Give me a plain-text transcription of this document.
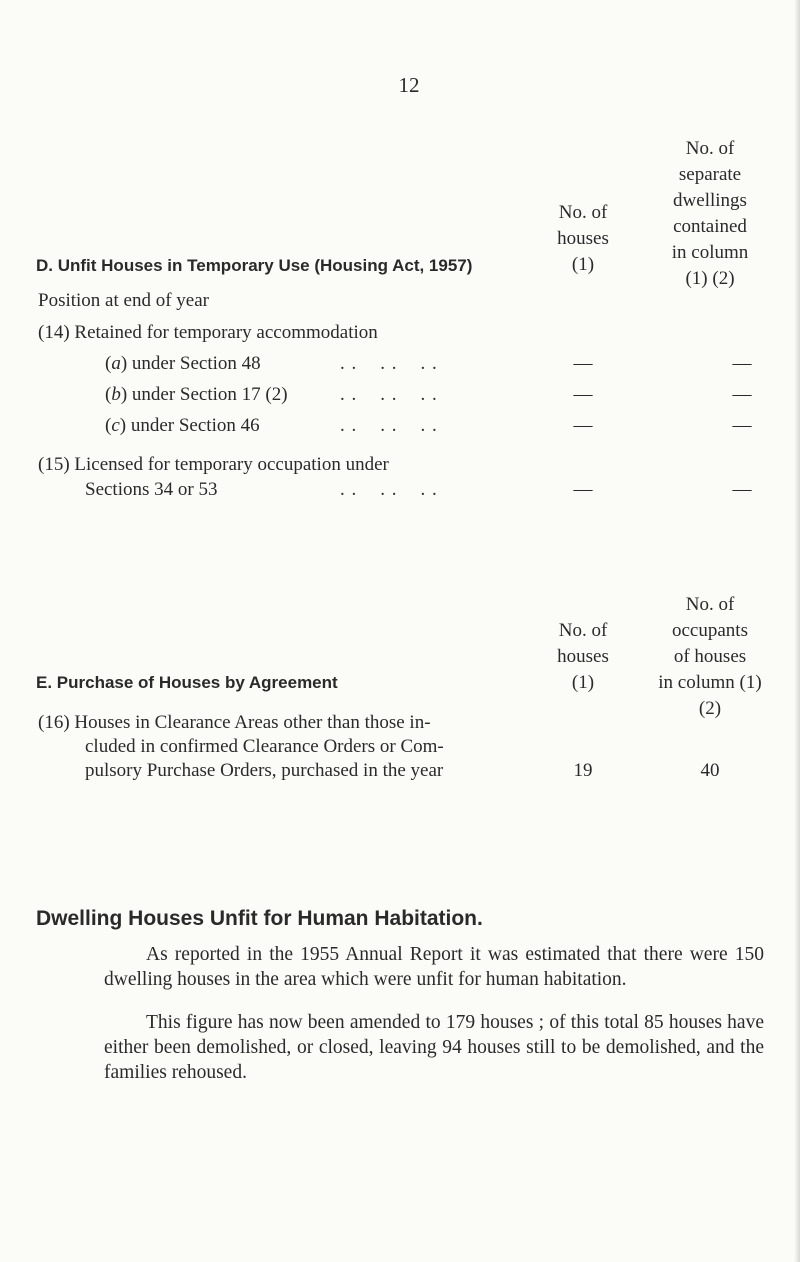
12
No. of
separate
dwellings
contained
in column
(1) (2)
No. of
houses
(1)
D. Unfit Houses in Temporary Use (Housing Act, 1957)
Position at end of year
(14) Retained for temporary accommodation
(a) under Section 48	. .    . .    . .	—	—
(b) under Section 17 (2)	. .    . .    . .	—	—
(c) under Section 46	. .    . .    . .	—	—
(15) Licensed for temporary occupation under
Sections 34 or 53	. .    . .    . .	—	—
No. of
occupants
of houses
in column (1)
(2)
No. of
houses
(1)
E. Purchase of Houses by Agreement
(16) Houses in Clearance Areas other than those in-
cluded in confirmed Clearance Orders or Com-
pulsory Purchase Orders, purchased in the year	19	40
Dwelling Houses Unfit for Human Habitation.
As reported in the 1955 Annual Report it was estimated that there were 150 dwelling houses in the area which were unfit for human habitation.
This figure has now been amended to 179 houses ; of this total 85 houses have either been demolished, or closed, leaving 94 houses still to be demolished, and the families rehoused.
